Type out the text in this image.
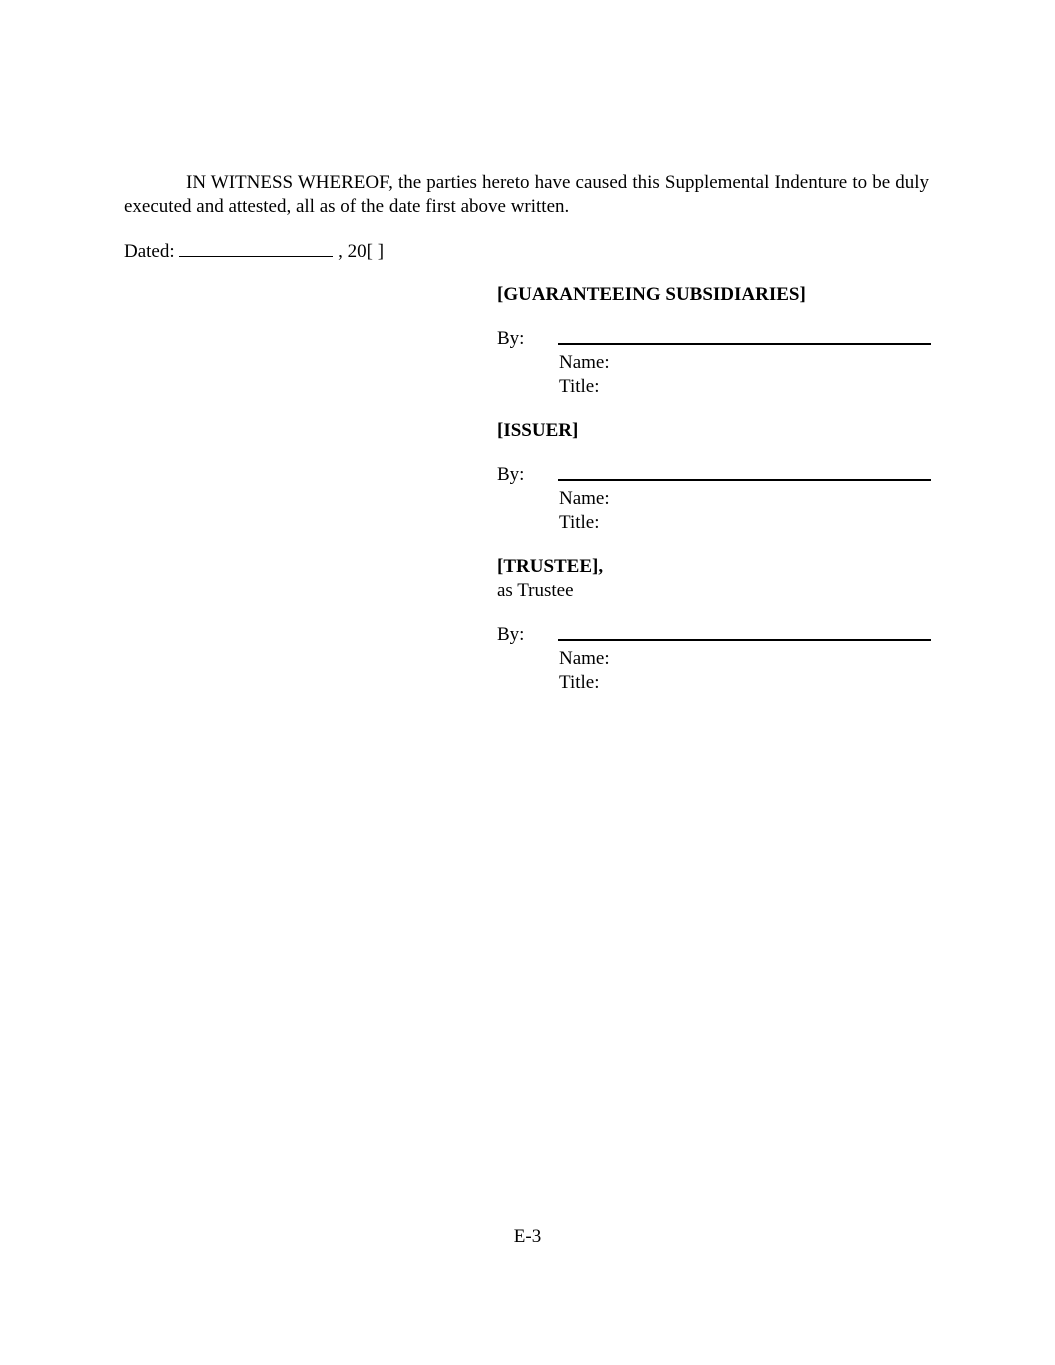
IN WITNESS WHEREOF, the parties hereto have caused this Supplemental Indenture to be duly executed and attested, all as of the date first above written.

Dated:	, 20[ ]

[GUARANTEEING SUBSIDIARIES]

By:

Name:

Title:

[ISSUER]

By:

Name:

Title:

[TRUSTEE],

as Trustee

By:

Name:

Title:

E-3
